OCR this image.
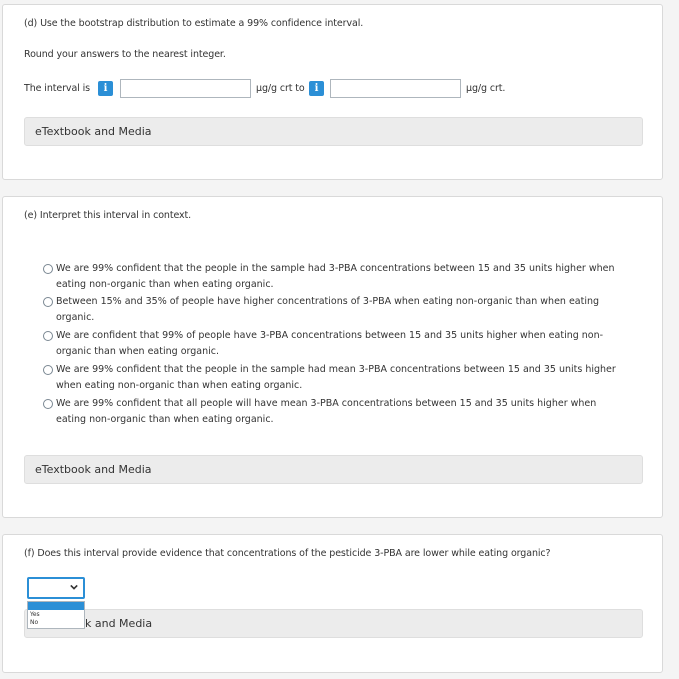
(d) Use the bootstrap distribution to estimate a 99% confidence interval.
Round your answers to the nearest integer.
The interval is	i	μg/g crt to i	μg/g crt.
eTextbook and Media
(e) Interpret this interval in context.
We are 99% confident that the people in the sample had 3-PBA concentrations between 15 and 35 units higher when eating non-organic than when eating organic.
Between 15% and 35% of people have higher concentrations of 3-PBA when eating non-organic than when eating organic.
We are confident that 99% of people have 3-PBA concentrations between 15 and 35 units higher when eating non-organic than when eating organic.
We are 99% confident that the people in the sample had mean 3-PBA concentrations between 15 and 35 units higher when eating non-organic than when eating organic.
We are 99% confident that all people will have mean 3-PBA concentrations between 15 and 35 units higher when eating non-organic than when eating organic.
eTextbook and Media
(f) Does this interval provide evidence that concentrations of the pesticide 3-PBA are lower while eating organic?
k and Media
Yes
No
